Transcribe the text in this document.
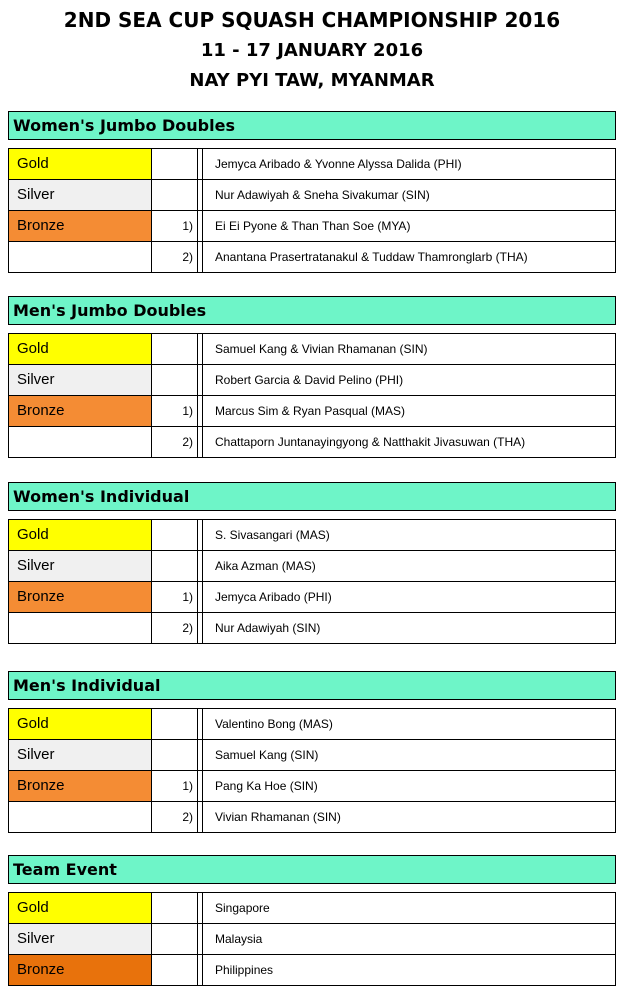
2ND SEA CUP SQUASH CHAMPIONSHIP 2016
11 - 17 JANUARY 2016
NAY PYI TAW, MYANMAR
Women's Jumbo Doubles
Gold	Jemyca Aribado & Yvonne Alyssa Dalida (PHI)
Silver	Nur Adawiyah & Sneha Sivakumar (SIN)
Bronze	1)	Ei Ei Pyone & Than Than Soe (MYA)
2)	Anantana Prasertratanakul & Tuddaw Thamronglarb (THA)
Men's Jumbo Doubles
Gold	Samuel Kang & Vivian Rhamanan (SIN)
Silver	Robert Garcia & David Pelino (PHI)
Bronze	1)	Marcus Sim & Ryan Pasqual (MAS)
2)	Chattaporn Juntanayingyong & Natthakit Jivasuwan (THA)
Women's Individual
Gold	S. Sivasangari (MAS)
Silver	Aika Azman (MAS)
Bronze	1)	Jemyca Aribado (PHI)
2)	Nur Adawiyah (SIN)
Men's Individual
Gold	Valentino Bong (MAS)
Silver	Samuel Kang (SIN)
Bronze	1)	Pang Ka Hoe (SIN)
2)	Vivian Rhamanan (SIN)
Team Event
Gold	Singapore
Silver	Malaysia
Bronze	Philippines
